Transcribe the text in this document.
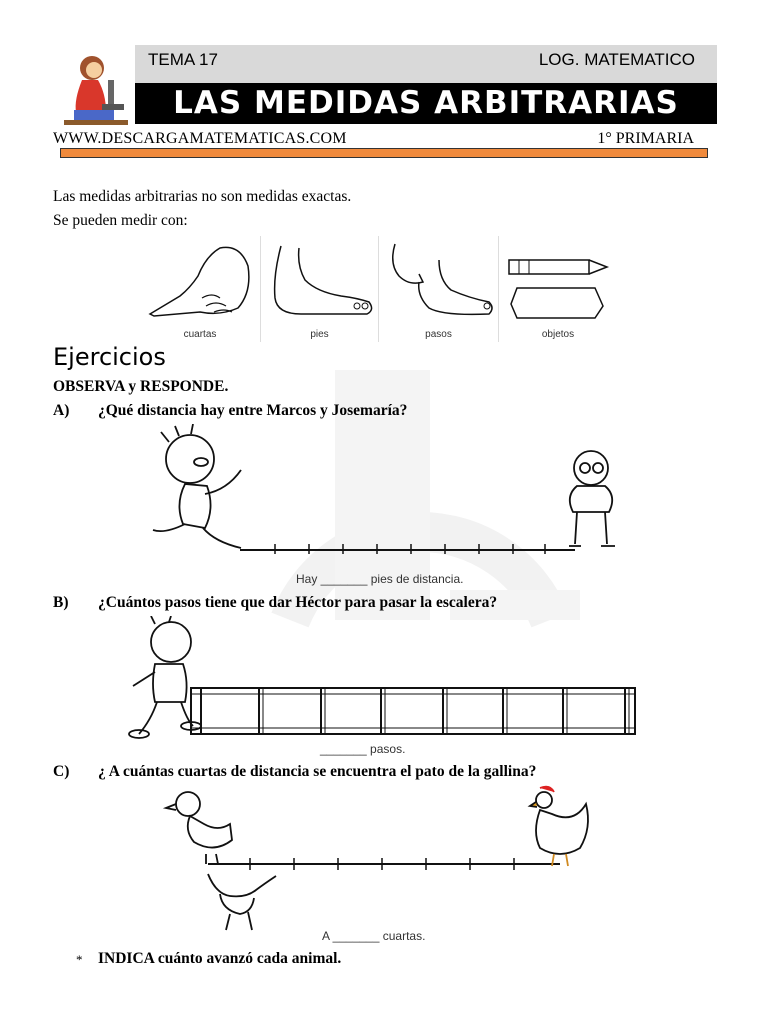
TEMA 17	LOG. MATEMATICO
LAS MEDIDAS ARBITRARIAS
WWW.DESCARGAMATEMATICAS.COM	1° PRIMARIA
Las medidas arbitrarias no son medidas exactas.
Se pueden medir con:
cuartas	pies	pasos	objetos
Ejercicios
OBSERVA y RESPONDE.
A) ¿Qué distancia hay entre Marcos y Josemaría?
Hay _______ pies de distancia.
B) ¿Cuántos pasos tiene que dar Héctor para pasar la escalera?
_______ pasos.
C) ¿ A cuántas cuartas de distancia se encuentra el pato de la gallina?
A _______ cuartas.
* INDICA cuánto avanzó cada animal.
